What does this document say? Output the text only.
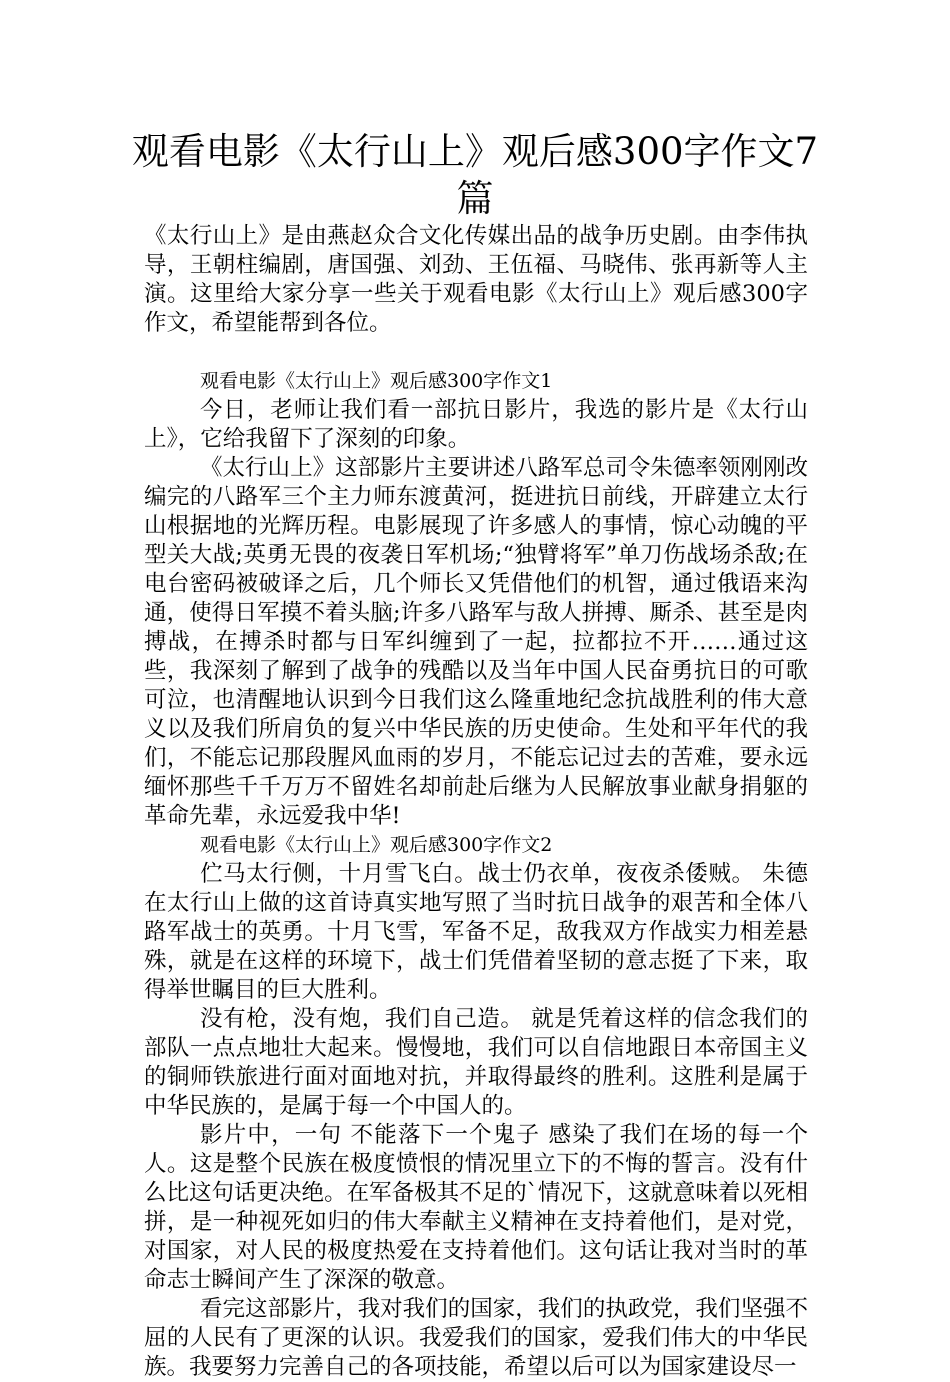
观看电影《太行山上》观后感300字作文7篇

《太行山上》是由燕赵众合文化传媒出品的战争历史剧。由李伟执导，王朝柱编剧，唐国强、刘劲、王伍福、马晓伟、张再新等人主演。这里给大家分享一些关于观看电影《太行山上》观后感300字作文，希望能帮到各位。

观看电影《太行山上》观后感300字作文1

今日，老师让我们看一部抗日影片，我选的影片是《太行山上》，它给我留下了深刻的印象。

《太行山上》这部影片主要讲述八路军总司令朱德率领刚刚改编完的八路军三个主力师东渡黄河，挺进抗日前线，开辟建立太行山根据地的光辉历程。电影展现了许多感人的事情，惊心动魄的平型关大战;英勇无畏的夜袭日军机场;“独臂将军”单刀伤战场杀敌;在电台密码被破译之后，几个师长又凭借他们的机智，通过俄语来沟通，使得日军摸不着头脑;许多八路军与敌人拼搏、厮杀、甚至是肉搏战，在搏杀时都与日军纠缠到了一起，拉都拉不开……通过这些，我深刻了解到了战争的残酷以及当年中国人民奋勇抗日的可歌可泣，也清醒地认识到今日我们这么隆重地纪念抗战胜利的伟大意义以及我们所肩负的复兴中华民族的历史使命。生处和平年代的我们，不能忘记那段腥风血雨的岁月，不能忘记过去的苦难，要永远缅怀那些千千万万不留姓名却前赴后继为人民解放事业献身捐躯的革命先辈，永远爱我中华!

观看电影《太行山上》观后感300字作文2

伫马太行侧，十月雪飞白。战士仍衣单，夜夜杀倭贼。 朱德在太行山上做的这首诗真实地写照了当时抗日战争的艰苦和全体八路军战士的英勇。十月飞雪，军备不足，敌我双方作战实力相差悬殊，就是在这样的环境下，战士们凭借着坚韧的意志挺了下来，取得举世瞩目的巨大胜利。

没有枪，没有炮，我们自己造。 就是凭着这样的信念我们的部队一点点地壮大起来。慢慢地，我们可以自信地跟日本帝国主义的铜师铁旅进行面对面地对抗，并取得最终的胜利。这胜利是属于中华民族的，是属于每一个中国人的。

影片中，一句 不能落下一个鬼子 感染了我们在场的每一个人。这是整个民族在极度愤恨的情况里立下的不悔的誓言。没有什么比这句话更决绝。在军备极其不足的`情况下，这就意味着以死相拼，是一种视死如归的伟大奉献主义精神在支持着他们，是对党，对国家，对人民的极度热爱在支持着他们。这句话让我对当时的革命志士瞬间产生了深深的敬意。

看完这部影片，我对我们的国家，我们的执政党，我们坚强不屈的人民有了更深的认识。我爱我们的国家，爱我们伟大的中华民族。我要努力完善自己的各项技能，希望以后可以为国家建设尽一
